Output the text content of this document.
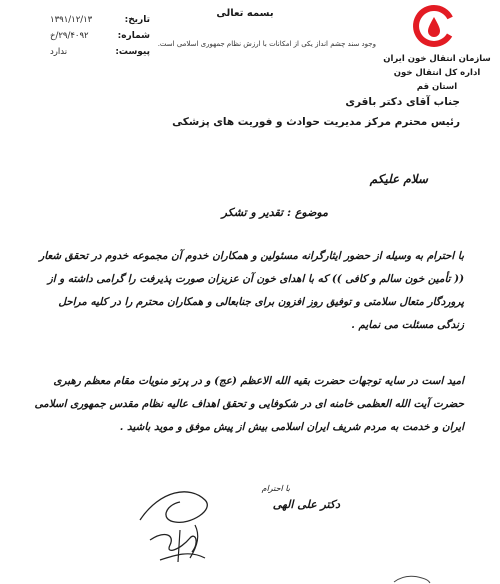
سازمان انتقال خون ایران
اداره کل انتقال خون استان قم
بسمه تعالی
وجود سند چشم انداز یکی از امکانات با ارزش نظام جمهوری اسلامی است.
تاریخ:
۱۳۹۱/۱۲/۱۳
شماره:
۲۹/۴۰۹۲/خ
پیوست:
ندارد
جناب آقای دکتر باقری
رئیس محترم مرکز مدیریت حوادث و فوریت های پزشکی
سلام علیکم
موضوع : تقدیر و تشکر
با احترام به وسیله از حضور ایثارگرانه مسئولین و همکاران خدوم آن مجموعه خدوم در تحقق شعار (( تأمین خون سالم و کافی )) که با اهدای خون آن عزیزان صورت پذیرفت را گرامی داشته و از پروردگار متعال سلامتی و توفیق روز افزون برای جنابعالی و همکاران محترم را در کلیه مراحل زندگی مسئلت می نمایم .
امید است در سایه توجهات حضرت بقیه الله الاعظم (عج) و در پرتو منویات مقام معظم رهبری حضرت آیت الله العظمی خامنه ای در شکوفایی و تحقق اهداف عالیه نظام مقدس جمهوری اسلامی ایران و خدمت به مردم شریف ایران اسلامی بیش از پیش موفق و موید باشید .
با احترام
دکتر علی الهی
